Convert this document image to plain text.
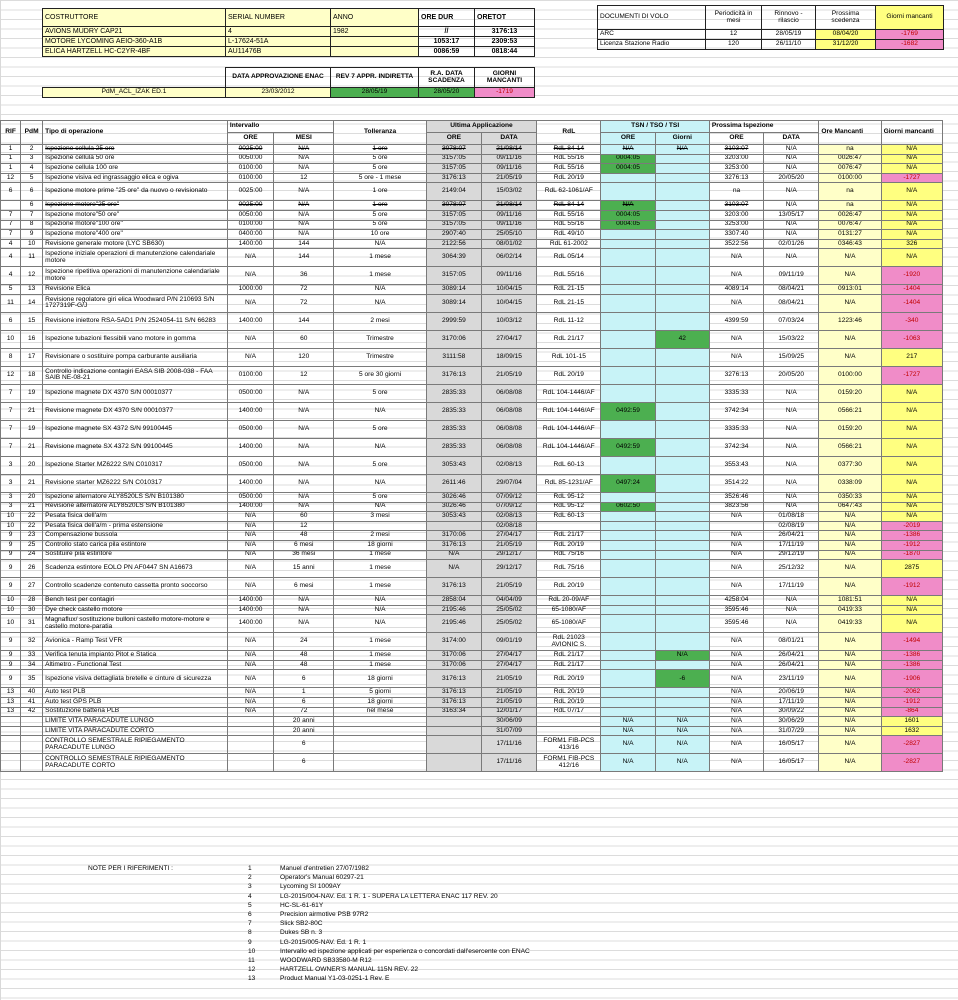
COSTRUTTORE	SERIAL NUMBER	ANNO	ORE DUR	ORETOT
AVIONS MUDRY CAP21	4	1982	//	3176:13
MOTORE LYCOMING AEIO-360-A1B	L-17624-51A		1053:17	2309:53
ELICA HARTZELL HC-C2YR-4BF	AU11476B		0086:59	0818:44
DOCUMENTI DI VOLO	Periodicità in mesi	Rinnovo - rilascio	Prossima scedenza	Giorni mancanti
ARC	12	28/05/19	08/04/20	-1769
Licenza Stazione Radio	120	26/11/10	31/12/20	-1682
	DATA APPROVAZIONE ENAC	REV 7 APPR. INDIRETTA	R.A. DATA SCADENZA	GIORNI MANCANTI
PdM_ACL_IZAK ED.1	23/03/2012	28/05/19	28/05/20	-1719
RIF	PdM	Tipo di operazione	Intervallo		Tolleranza	Ultima Applicazione		RdL	TSN / TSO / TSI		Prossima Ispezione		Ore Mancanti	Giorni mancanti
			ORE	MESI		ORE	DATA		ORE	Giorni	ORE	DATA		
1	2	Ispezione cellula 25 ore	0025:00	N/A	1 ore	3078:07	21/08/14	RdL 84-14	N/A	N/A	3103:07	N/A	na	N/A
1	3	Ispezione cellula 50 ore	0050:00	N/A	5 ore	3157:05	09/11/16	RdL 55/16	0004:05		3203:00	N/A	0026:47	N/A
1	4	Ispezione cellula 100 ore	0100:00	N/A	5 ore	3157:05	09/11/16	RdL 55/16	0004:05		3253:00	N/A	0076:47	N/A
12	5	Ispezione visiva ed ingrassaggio elica e ogiva	0100:00	12	5 ore - 1 mese	3176:13	21/05/19	RdL 20/19			3276:13	20/05/20	0100:00	-1727
6	6	Ispezione motore prime "25 ore" da nuovo o revisionato	0025:00	N/A	1 ore	2149:04	15/03/02	RdL 62-1061/AF			na	N/A	na	N/A
	6	Ispezione motore"25 ore"	0025:00	N/A	1 ore	3078:07	21/08/14	RdL 84-14	N/A		3103:07	N/A	na	N/A
7	7	Ispezione motore"50 ore"	0050:00	N/A	5 ore	3157:05	09/11/16	RdL 55/16	0004:05		3203:00	13/05/17	0026:47	N/A
7	8	Ispezione motore"100 ore"	0100:00	N/A	5 ore	3157:05	09/11/16	RdL 55/16	0004:05		3253:00	N/A	0076:47	N/A
7	9	Ispezione motore"400 ore"	0400:00	N/A	10 ore	2907:40	25/05/10	RdL 49/10			3307:40	N/A	0131:27	N/A
4	10	Revisione generale motore (LYC SB630)	1400:00	144	N/A	2122:56	08/01/02	RdL 61-2002			3522:56	02/01/26	0346:43	326
4	11	Ispezione iniziale operazioni di manutenzione calendariale motore	N/A	144	1 mese	3064:39	06/02/14	RdL 05/14			N/A	N/A	N/A	N/A
4	12	Ispezione ripetitiva operazioni di manutenzione calendariale motore	N/A	36	1 mese	3157:05	09/11/16	RdL 55/16			N/A	09/11/19	N/A	-1920
5	13	Revisione Elica	1000:00	72	N/A	3089:14	10/04/15	RdL 21-15			4089:14	08/04/21	0913:01	-1404
11	14	Revisione regolatore giri elica Woodward P/N 210693 S/N 1727319F-G/J	N/A	72	N/A	3089:14	10/04/15	RdL 21-15			N/A	08/04/21	N/A	-1404
6	15	Revisione iniettore RSA-5AD1 P/N 2524054-11 S/N 66283	1400:00	144	2 mesi	2999:59	10/03/12	RdL 11-12			4399:59	07/03/24	1223:46	-340
10	16	Ispezione tubazioni flessibili vano motore in gomma	N/A	60	Trimestre	3170:06	27/04/17	RdL 21/17		42	N/A	15/03/22	N/A	-1063
8	17	Revisionare o sostituire pompa carburante ausiliaria	N/A	120	Trimestre	3111:58	18/09/15	RdL 101-15			N/A	15/09/25	N/A	217
12	18	Controllo indicazione contagiri EASA SIB 2008-038 - FAA SAIB NE-08-21	0100:00	12	5 ore 30 giorni	3176:13	21/05/19	RdL 20/19			3276:13	20/05/20	0100:00	-1727
7	19	Ispezione magnete DX 4370 S/N 00010377	0500:00	N/A	5 ore	2835:33	06/08/08	RdL 104-1446/AF			3335:33	N/A	0159:20	N/A
7	21	Revisione magnete DX 4370 S/N 00010377	1400:00	N/A	N/A	2835:33	06/08/08	RdL 104-1446/AF	0492:59		3742:34	N/A	0566:21	N/A
7	19	Ispezione magnete SX 4372 S/N 99100445	0500:00	N/A	5 ore	2835:33	06/08/08	RdL 104-1446/AF			3335:33	N/A	0159:20	N/A
7	21	Revisione magnete SX 4372 S/N 99100445	1400:00	N/A	N/A	2835:33	06/08/08	RdL 104-1446/AF	0492:59		3742:34	N/A	0566:21	N/A
3	20	Ispezione Starter MZ6222 S/N C010317	0500:00	N/A	5 ore	3053:43	02/08/13	RdL 60-13			3553:43	N/A	0377:30	N/A
3	21	Revisione starter MZ6222 S/N C010317	1400:00	N/A	N/A	2611:46	29/07/04	RdL 85-1231/AF	0497:24		3514:22	N/A	0338:09	N/A
3	20	Ispezione alternatore ALY8520LS S/N B101380	0500:00	N/A	5 ore	3026:46	07/09/12	RdL 95-12			3526:46	N/A	0350:33	N/A
3	21	Revisione alternatore ALY8520LS S/N B101380	1400:00	N/A	N/A	3026:46	07/09/12	RdL 95-12	0602:50		3823:56	N/A	0647:43	N/A
10	22	Pesata fisica dell'a/m	N/A	60	3 mesi	3053:43	02/08/13	RdL 60-13			N/A	01/08/18	N/A	N/A
10	22	Pesata fisica dell'a/m - prima estensione	N/A	12			02/08/18					02/08/19	N/A	-2019
9	23	Compensazione bussola	N/A	48	2 mesi	3170:06	27/04/17	RdL 21/17			N/A	26/04/21	N/A	-1386
9	25	Controllo stato carica pila estintore	N/A	6 mesi	18 giorni	3176:13	21/05/19	RdL 20/19			N/A	17/11/19	N/A	-1912
9	24	Sostituire pila estintore	N/A	36 mesi	1 mese	N/A	29/12/17	RdL 75/16			N/A	29/12/19	N/A	-1870
9	26	Scadenza estintore EOLO PN AF0447 SN A16673	N/A	15 anni	1 mese	N/A	29/12/17	RdL 75/16			N/A	25/12/32	N/A	2875
9	27	Controllo scadenze contenuto cassetta pronto soccorso	N/A	6 mesi	1 mese	3176:13	21/05/19	RdL 20/19			N/A	17/11/19	N/A	-1912
10	28	Bench test per contagiri	1400:00	N/A	N/A	2858:04	04/04/09	RdL 20-09/AF			4258:04	N/A	1081:51	N/A
10	30	Dye check castello motore	1400:00	N/A	N/A	2195:46	25/05/02	65-1080/AF			3595:46	N/A	0419:33	N/A
10	31	Magnaflux/ sostituzione bulloni castello motore-motore e castello motore-paratia	1400:00	N/A	N/A	2195:46	25/05/02	65-1080/AF			3595:46	N/A	0419:33	N/A
9	32	Avionica - Ramp Test VFR	N/A	24	1 mese	3174:00	09/01/19	RdL 21023 AVIONIC S.			N/A	08/01/21	N/A	-1494
9	33	Verifica tenuta impianto Pitot e Statica	N/A	48	1 mese	3170:06	27/04/17	RdL 21/17		N/A	N/A	26/04/21	N/A	-1386
9	34	Altimetro - Functional Test	N/A	48	1 mese	3170:06	27/04/17	RdL 21/17			N/A	26/04/21	N/A	-1386
9	35	Ispezione visiva dettagliata bretelle e cinture di sicurezza	N/A	6	18 giorni	3176:13	21/05/19	RdL 20/19		-6	N/A	23/11/19	N/A	-1906
13	40	Auto test PLB	N/A	1	5 giorni	3176:13	21/05/19	RdL 20/19			N/A	20/06/19	N/A	-2062
13	41	Auto test GPS PLB	N/A	6	18 giorni	3176:13	21/05/19	RdL 20/19			N/A	17/11/19	N/A	-1912
13	42	Sostituzione batteria PLB	N/A	72	nel mese	3163:34	12/01/17	RdL 07/17			N/A	30/09/22	N/A	-864
		LIMITE VITA PARACADUTE LUNGO		20 anni			30/06/09		N/A	N/A	N/A	30/06/29	N/A	1601
		LIMITE VITA PARACADUTE CORTO		20 anni			31/07/09		N/A	N/A	N/A	31/07/29	N/A	1632
		CONTROLLO SEMESTRALE RIPIEGAMENTO PARACADUTE LUNGO		6			17/11/16	FORM1 FIB-PCS 413/16	N/A	N/A	N/A	16/05/17	N/A	-2827
		CONTROLLO SEMESTRALE RIPIEGAMENTO PARACADUTE CORTO		6			17/11/16	FORM1 FIB-PCS 412/16	N/A	N/A	N/A	16/05/17	N/A	-2827
NOTE PER I RIFERIMENTI :	1	Manuel d'entretien 27/07/1982
2	Operator's Manual 60297-21
3	Lycoming SI 1009AY
4	LG-2015/004-NAV. Ed. 1 R. 1 - SUPERA LA LETTERA ENAC 117 REV. 20
5	HC-SL-61-61Y
6	Precision airmotive PSB 97R2
7	Slick SB2-80C
8	Dukes SB n. 3
9	LG-2015/005-NAV. Ed. 1 R. 1
10	Intervallo ed ispezione applicati per esperienza o concordati dall'esercente con ENAC
11	WOODWARD SB33580-M R12
12	HARTZELL OWNER'S MANUAL 115N REV. 22
13	Product Manual Y1-03-0251-1 Rev. E
